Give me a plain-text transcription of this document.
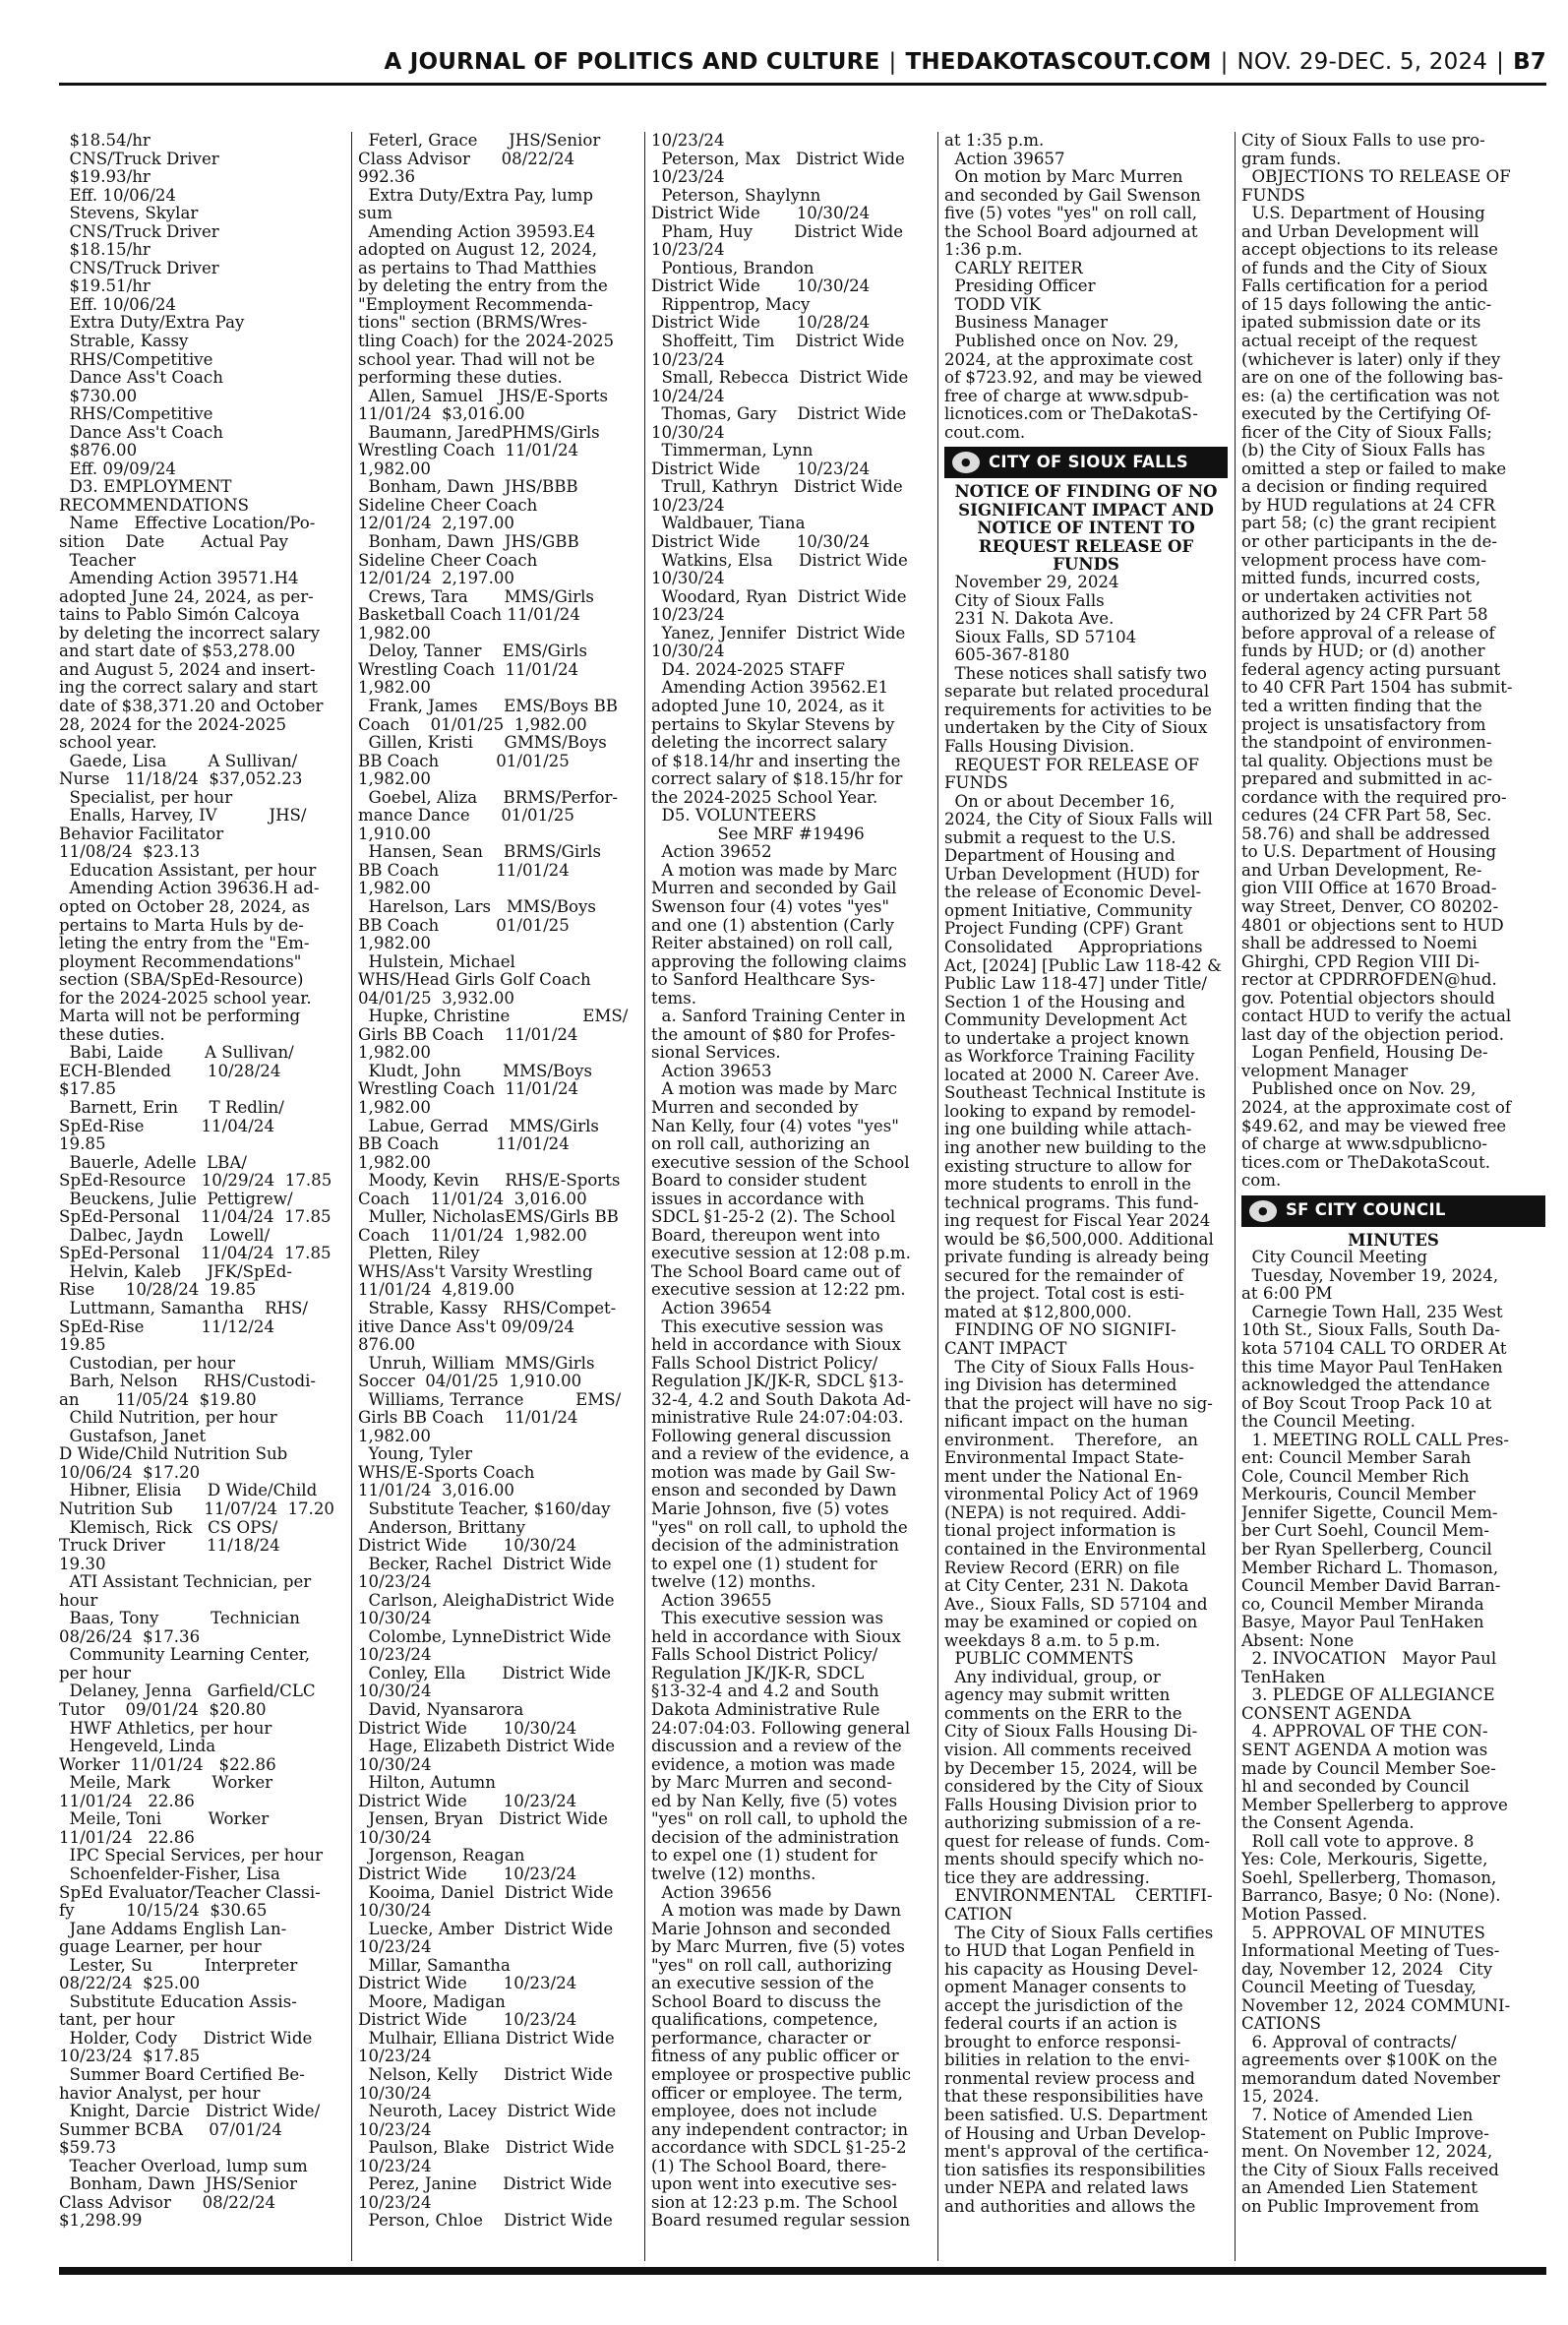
A JOURNAL OF POLITICS AND CULTURE | THEDAKOTASCOUT.COM | NOV. 29-DEC. 5, 2024 | B7
$18.54/hr
CNS/Truck Driver
$19.93/hr
Eff. 10/06/24
Stevens, Skylar
CNS/Truck Driver
$18.15/hr
CNS/Truck Driver
$19.51/hr
Eff. 10/06/24
Extra Duty/Extra Pay
Strable, Kassy
RHS/Competitive
Dance Ass't Coach
$730.00
RHS/Competitive
Dance Ass't Coach
$876.00
Eff. 09/09/24
D3. EMPLOYMENT
RECOMMENDATIONS
Name   Effective Location/Po-
sition    Date       Actual Pay
Teacher
Amending Action 39571.H4
adopted June 24, 2024, as per-
tains to Pablo Simón Calcoya
by deleting the incorrect salary
and start date of $53,278.00
and August 5, 2024 and insert-
ing the correct salary and start
date of $38,371.20 and October
28, 2024 for the 2024-2025
school year.
Gaede, Lisa        A Sullivan/
Nurse   11/18/24  $37,052.23
Specialist, per hour
Enalls, Harvey, IV          JHS/
Behavior Facilitator
11/08/24  $23.13
Education Assistant, per hour
Amending Action 39636.H ad-
opted on October 28, 2024, as
pertains to Marta Huls by de-
leting the entry from the "Em-
ployment Recommendations"
section (SBA/SpEd-Resource)
for the 2024-2025 school year.
Marta will not be performing
these duties.
Babi, Laide        A Sullivan/
ECH-Blended       10/28/24
$17.85
Barnett, Erin      T Redlin/
SpEd-Rise           11/04/24
19.85
Bauerle, Adelle  LBA/
SpEd-Resource   10/29/24  17.85
Beuckens, Julie  Pettigrew/
SpEd-Personal    11/04/24  17.85
Dalbec, Jaydn     Lowell/
SpEd-Personal    11/04/24  17.85
Helvin, Kaleb     JFK/SpEd-
Rise      10/28/24  19.85
Luttmann, Samantha    RHS/
SpEd-Rise           11/12/24
19.85
Custodian, per hour
Barh, Nelson     RHS/Custodi-
an       11/05/24  $19.80
Child Nutrition, per hour
Gustafson, Janet
D Wide/Child Nutrition Sub
10/06/24  $17.20
Hibner, Elisia     D Wide/Child
Nutrition Sub      11/07/24  17.20
Klemisch, Rick   CS OPS/
Truck Driver        11/18/24
19.30
ATI Assistant Technician, per
hour
Baas, Tony          Technician
08/26/24  $17.36
Community Learning Center,
per hour
Delaney, Jenna   Garfield/CLC
Tutor    09/01/24  $20.80
HWF Athletics, per hour
Hengeveld, Linda
Worker  11/01/24   $22.86
Meile, Mark        Worker
11/01/24   22.86
Meile, Toni         Worker
11/01/24   22.86
IPC Special Services, per hour
Schoenfelder-Fisher, Lisa
SpEd Evaluator/Teacher Classi-
fy          10/15/24  $30.65
Jane Addams English Lan-
guage Learner, per hour
Lester, Su          Interpreter
08/22/24  $25.00
Substitute Education Assis-
tant, per hour
Holder, Cody     District Wide
10/23/24  $17.85
Summer Board Certified Be-
havior Analyst, per hour
Knight, Darcie   District Wide/
Summer BCBA     07/01/24
$59.73
Teacher Overload, lump sum
Bonham, Dawn  JHS/Senior
Class Advisor      08/22/24
$1,298.99
Feterl, Grace      JHS/Senior
Class Advisor      08/22/24
992.36
Extra Duty/Extra Pay, lump
sum
Amending Action 39593.E4
adopted on August 12, 2024,
as pertains to Thad Matthies
by deleting the entry from the
"Employment Recommenda-
tions" section (BRMS/Wres-
tling Coach) for the 2024-2025
school year. Thad will not be
performing these duties.
Allen, Samuel   JHS/E-Sports
11/01/24  $3,016.00
Baumann, JaredPHMS/Girls
Wrestling Coach  11/01/24
1,982.00
Bonham, Dawn  JHS/BBB
Sideline Cheer Coach
12/01/24  2,197.00
Bonham, Dawn  JHS/GBB
Sideline Cheer Coach
12/01/24  2,197.00
Crews, Tara       MMS/Girls
Basketball Coach 11/01/24
1,982.00
Deloy, Tanner    EMS/Girls
Wrestling Coach  11/01/24
1,982.00
Frank, James     EMS/Boys BB
Coach    01/01/25  1,982.00
Gillen, Kristi      GMMS/Boys
BB Coach           01/01/25
1,982.00
Goebel, Aliza     BRMS/Perfor-
mance Dance      01/01/25
1,910.00
Hansen, Sean    BRMS/Girls
BB Coach           11/01/24
1,982.00
Harelson, Lars   MMS/Boys
BB Coach           01/01/25
1,982.00
Hulstein, Michael
WHS/Head Girls Golf Coach
04/01/25  3,932.00
Hupke, Christine              EMS/
Girls BB Coach    11/01/24
1,982.00
Kludt, John        MMS/Boys
Wrestling Coach  11/01/24
1,982.00
Labue, Gerrad    MMS/Girls
BB Coach           11/01/24
1,982.00
Moody, Kevin     RHS/E-Sports
Coach    11/01/24  3,016.00
Muller, NicholasEMS/Girls BB
Coach    11/01/24  1,982.00
Pletten, Riley
WHS/Ass't Varsity Wrestling
11/01/24  4,819.00
Strable, Kassy   RHS/Compet-
itive Dance Ass't 09/09/24
876.00
Unruh, William  MMS/Girls
Soccer  04/01/25  1,910.00
Williams, Terrance          EMS/
Girls BB Coach    11/01/24
1,982.00
Young, Tyler
WHS/E-Sports Coach
11/01/24  3,016.00
Substitute Teacher, $160/day
Anderson, Brittany
District Wide       10/30/24
Becker, Rachel  District Wide
10/23/24
Carlson, AleighaDistrict Wide
10/30/24
Colombe, LynneDistrict Wide
10/23/24
Conley, Ella       District Wide
10/30/24
David, Nyansarora
District Wide       10/30/24
Hage, Elizabeth District Wide
10/30/24
Hilton, Autumn
District Wide       10/23/24
Jensen, Bryan   District Wide
10/30/24
Jorgenson, Reagan
District Wide       10/23/24
Kooima, Daniel  District Wide
10/30/24
Luecke, Amber  District Wide
10/23/24
Millar, Samantha
District Wide       10/23/24
Moore, Madigan
District Wide       10/23/24
Mulhair, Elliana District Wide
10/23/24
Nelson, Kelly     District Wide
10/30/24
Neuroth, Lacey  District Wide
10/23/24
Paulson, Blake   District Wide
10/23/24
Perez, Janine     District Wide
10/23/24
Person, Chloe    District Wide
10/23/24
Peterson, Max   District Wide
10/23/24
Peterson, Shaylynn
District Wide       10/30/24
Pham, Huy        District Wide
10/23/24
Pontious, Brandon
District Wide       10/30/24
Rippentrop, Macy
District Wide       10/28/24
Shoffeitt, Tim    District Wide
10/23/24
Small, Rebecca  District Wide
10/24/24
Thomas, Gary    District Wide
10/30/24
Timmerman, Lynn
District Wide       10/23/24
Trull, Kathryn   District Wide
10/23/24
Waldbauer, Tiana
District Wide       10/30/24
Watkins, Elsa     District Wide
10/30/24
Woodard, Ryan  District Wide
10/23/24
Yanez, Jennifer  District Wide
10/30/24
D4. 2024-2025 STAFF
Amending Action 39562.E1
adopted June 10, 2024, as it
pertains to Skylar Stevens by
deleting the incorrect salary
of $18.14/hr and inserting the
correct salary of $18.15/hr for
the 2024-2025 School Year.
D5. VOLUNTEERS
See MRF #19496
Action 39652
A motion was made by Marc
Murren and seconded by Gail
Swenson four (4) votes "yes"
and one (1) abstention (Carly
Reiter abstained) on roll call,
approving the following claims
to Sanford Healthcare Sys-
tems.
a. Sanford Training Center in
the amount of $80 for Profes-
sional Services.
Action 39653
A motion was made by Marc
Murren and seconded by
Nan Kelly, four (4) votes "yes"
on roll call, authorizing an
executive session of the School
Board to consider student
issues in accordance with
SDCL §1-25-2 (2). The School
Board, thereupon went into
executive session at 12:08 p.m.
The School Board came out of
executive session at 12:22 pm.
Action 39654
This executive session was
held in accordance with Sioux
Falls School District Policy/
Regulation JK/JK-R, SDCL §13-
32-4, 4.2 and South Dakota Ad-
ministrative Rule 24:07:04:03.
Following general discussion
and a review of the evidence, a
motion was made by Gail Sw-
enson and seconded by Dawn
Marie Johnson, five (5) votes
"yes" on roll call, to uphold the
decision of the administration
to expel one (1) student for
twelve (12) months.
Action 39655
This executive session was
held in accordance with Sioux
Falls School District Policy/
Regulation JK/JK-R, SDCL
§13-32-4 and 4.2 and South
Dakota Administrative Rule
24:07:04:03. Following general
discussion and a review of the
evidence, a motion was made
by Marc Murren and second-
ed by Nan Kelly, five (5) votes
"yes" on roll call, to uphold the
decision of the administration
to expel one (1) student for
twelve (12) months.
Action 39656
A motion was made by Dawn
Marie Johnson and seconded
by Marc Murren, five (5) votes
"yes" on roll call, authorizing
an executive session of the
School Board to discuss the
qualifications, competence,
performance, character or
fitness of any public officer or
employee or prospective public
officer or employee. The term,
employee, does not include
any independent contractor; in
accordance with SDCL §1-25-2
(1) The School Board, there-
upon went into executive ses-
sion at 12:23 p.m. The School
Board resumed regular session
at 1:35 p.m.
Action 39657
On motion by Marc Murren
and seconded by Gail Swenson
five (5) votes "yes" on roll call,
the School Board adjourned at
1:36 p.m.
CARLY REITER
Presiding Officer
TODD VIK
Business Manager
Published once on Nov. 29,
2024, at the approximate cost
of $723.92, and may be viewed
free of charge at www.sdpub-
licnotices.com or TheDakotaS-
cout.com.
●	CITY OF SIOUX FALLS
NOTICE OF FINDING OF NO
SIGNIFICANT IMPACT AND
NOTICE OF INTENT TO
REQUEST RELEASE OF
FUNDS
November 29, 2024
City of Sioux Falls
231 N. Dakota Ave.
Sioux Falls, SD 57104
605-367-8180
These notices shall satisfy two
separate but related procedural
requirements for activities to be
undertaken by the City of Sioux
Falls Housing Division.
REQUEST FOR RELEASE OF
FUNDS
On or about December 16,
2024, the City of Sioux Falls will
submit a request to the U.S.
Department of Housing and
Urban Development (HUD) for
the release of Economic Devel-
opment Initiative, Community
Project Funding (CPF) Grant
Consolidated     Appropriations
Act, [2024] [Public Law 118-42 &
Public Law 118-47] under Title/
Section 1 of the Housing and
Community Development Act
to undertake a project known
as Workforce Training Facility
located at 2000 N. Career Ave.
Southeast Technical Institute is
looking to expand by remodel-
ing one building while attach-
ing another new building to the
existing structure to allow for
more students to enroll in the
technical programs. This fund-
ing request for Fiscal Year 2024
would be $6,500,000. Additional
private funding is already being
secured for the remainder of
the project. Total cost is esti-
mated at $12,800,000.
FINDING OF NO SIGNIFI-
CANT IMPACT
The City of Sioux Falls Hous-
ing Division has determined
that the project will have no sig-
nificant impact on the human
environment.    Therefore,   an
Environmental Impact State-
ment under the National En-
vironmental Policy Act of 1969
(NEPA) is not required. Addi-
tional project information is
contained in the Environmental
Review Record (ERR) on file
at City Center, 231 N. Dakota
Ave., Sioux Falls, SD 57104 and
may be examined or copied on
weekdays 8 a.m. to 5 p.m.
PUBLIC COMMENTS
Any individual, group, or
agency may submit written
comments on the ERR to the
City of Sioux Falls Housing Di-
vision. All comments received
by December 15, 2024, will be
considered by the City of Sioux
Falls Housing Division prior to
authorizing submission of a re-
quest for release of funds. Com-
ments should specify which no-
tice they are addressing.
ENVIRONMENTAL    CERTIFI-
CATION
The City of Sioux Falls certifies
to HUD that Logan Penfield in
his capacity as Housing Devel-
opment Manager consents to
accept the jurisdiction of the
federal courts if an action is
brought to enforce responsi-
bilities in relation to the envi-
ronmental review process and
that these responsibilities have
been satisfied. U.S. Department
of Housing and Urban Develop-
ment's approval of the certifica-
tion satisfies its responsibilities
under NEPA and related laws
and authorities and allows the
City of Sioux Falls to use pro-
gram funds.
OBJECTIONS TO RELEASE OF
FUNDS
U.S. Department of Housing
and Urban Development will
accept objections to its release
of funds and the City of Sioux
Falls certification for a period
of 15 days following the antic-
ipated submission date or its
actual receipt of the request
(whichever is later) only if they
are on one of the following bas-
es: (a) the certification was not
executed by the Certifying Of-
ficer of the City of Sioux Falls;
(b) the City of Sioux Falls has
omitted a step or failed to make
a decision or finding required
by HUD regulations at 24 CFR
part 58; (c) the grant recipient
or other participants in the de-
velopment process have com-
mitted funds, incurred costs,
or undertaken activities not
authorized by 24 CFR Part 58
before approval of a release of
funds by HUD; or (d) another
federal agency acting pursuant
to 40 CFR Part 1504 has submit-
ted a written finding that the
project is unsatisfactory from
the standpoint of environmen-
tal quality. Objections must be
prepared and submitted in ac-
cordance with the required pro-
cedures (24 CFR Part 58, Sec.
58.76) and shall be addressed
to U.S. Department of Housing
and Urban Development, Re-
gion VIII Office at 1670 Broad-
way Street, Denver, CO 80202-
4801 or objections sent to HUD
shall be addressed to Noemi
Ghirghi, CPD Region VIII Di-
rector at CPDRROFDEN@hud.
gov. Potential objectors should
contact HUD to verify the actual
last day of the objection period.
Logan Penfield, Housing De-
velopment Manager
Published once on Nov. 29,
2024, at the approximate cost of
$49.62, and may be viewed free
of charge at www.sdpublicno-
tices.com or TheDakotaScout.
com.
●	SF CITY COUNCIL
MINUTES
City Council Meeting
Tuesday, November 19, 2024,
at 6:00 PM
Carnegie Town Hall, 235 West
10th St., Sioux Falls, South Da-
kota 57104 CALL TO ORDER At
this time Mayor Paul TenHaken
acknowledged the attendance
of Boy Scout Troop Pack 10 at
the Council Meeting.
1. MEETING ROLL CALL Pres-
ent: Council Member Sarah
Cole, Council Member Rich
Merkouris, Council Member
Jennifer Sigette, Council Mem-
ber Curt Soehl, Council Mem-
ber Ryan Spellerberg, Council
Member Richard L. Thomason,
Council Member David Barran-
co, Council Member Miranda
Basye, Mayor Paul TenHaken
Absent: None
2. INVOCATION   Mayor Paul
TenHaken
3. PLEDGE OF ALLEGIANCE
CONSENT AGENDA
4. APPROVAL OF THE CON-
SENT AGENDA A motion was
made by Council Member Soe-
hl and seconded by Council
Member Spellerberg to approve
the Consent Agenda.
Roll call vote to approve. 8
Yes: Cole, Merkouris, Sigette,
Soehl, Spellerberg, Thomason,
Barranco, Basye; 0 No: (None).
Motion Passed.
5. APPROVAL OF MINUTES
Informational Meeting of Tues-
day, November 12, 2024   City
Council Meeting of Tuesday,
November 12, 2024 COMMUNI-
CATIONS
6. Approval of contracts/
agreements over $100K on the
memorandum dated November
15, 2024.
7. Notice of Amended Lien
Statement on Public Improve-
ment. On November 12, 2024,
the City of Sioux Falls received
an Amended Lien Statement
on Public Improvement from
